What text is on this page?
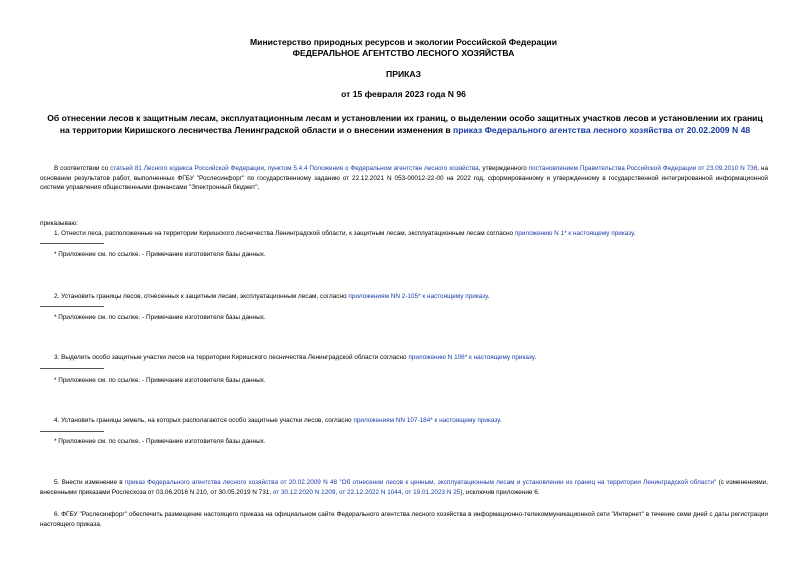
Министерство природных ресурсов и экологии Российской Федерации
ФЕДЕРАЛЬНОЕ АГЕНТСТВО ЛЕСНОГО ХОЗЯЙСТВА
ПРИКАЗ
от 15 февраля 2023 года N 96
Об отнесении лесов к защитным лесам, эксплуатационным лесам и установлении их границ, о выделении особо защитных участков лесов и установлении их границ на территории Киришского лесничества Ленинградской области и о внесении изменения в приказ Федерального агентства лесного хозяйства от 20.02.2009 N 48
В соответствии со статьей 81 Лесного кодекса Российской Федерации, пунктом 5.4.4 Положения о Федеральном агентстве лесного хозяйства, утвержденного постановлением Правительства Российской Федерации от 23.09.2010 N 736, на основании результатов работ, выполненных ФГБУ "Рослесинфорг" по государственному заданию от 22.12.2021 N 053-00012-22-00 на 2022 год, сформированному и утвержденному в государственной интегрированной информационной системе управления общественными финансами "Электронный бюджет",
приказываю:
1. Отнести леса, расположенные на территории Киришского лесничества Ленинградской области, к защитным лесам, эксплуатационным лесам согласно приложению N 1* к настоящему приказу.
* Приложение см. по ссылке. - Примечание изготовителя базы данных.
2. Установить границы лесов, отнесенных к защитным лесам, эксплуатационным лесам, согласно приложениям NN 2-105* к настоящему приказу.
* Приложение см. по ссылке. - Примечание изготовителя базы данных.
3. Выделить особо защитные участки лесов на территории Киришского лесничества Ленинградской области согласно приложению N 106* к настоящему приказу.
* Приложение см. по ссылке. - Примечание изготовителя базы данных.
4. Установить границы земель, на которых располагаются особо защитные участки лесов, согласно приложениям NN 107-184* к настоящему приказу.
* Приложение см. по ссылке. - Примечание изготовителя базы данных.
5. Внести изменение в приказ Федерального агентства лесного хозяйства от 20.02.2009 N 48 "Об отнесении лесов к ценным, эксплуатационным лесам и установлении их границ на территории Ленинградской области" (с изменениями, внесенными приказами Рослесхоза от 03.06.2016 N 210, от 30.05.2019 N 731, от 30.12.2020 N 1209, от 22.12.2022 N 1044, от 19.01.2023 N 25), исключив приложение 6.
6. ФГБУ "Рослесинфорг" обеспечить размещение настоящего приказа на официальном сайте Федерального агентства лесного хозяйства в информационно-телекоммуникационной сети "Интернет" в течение семи дней с даты регистрации настоящего приказа.
